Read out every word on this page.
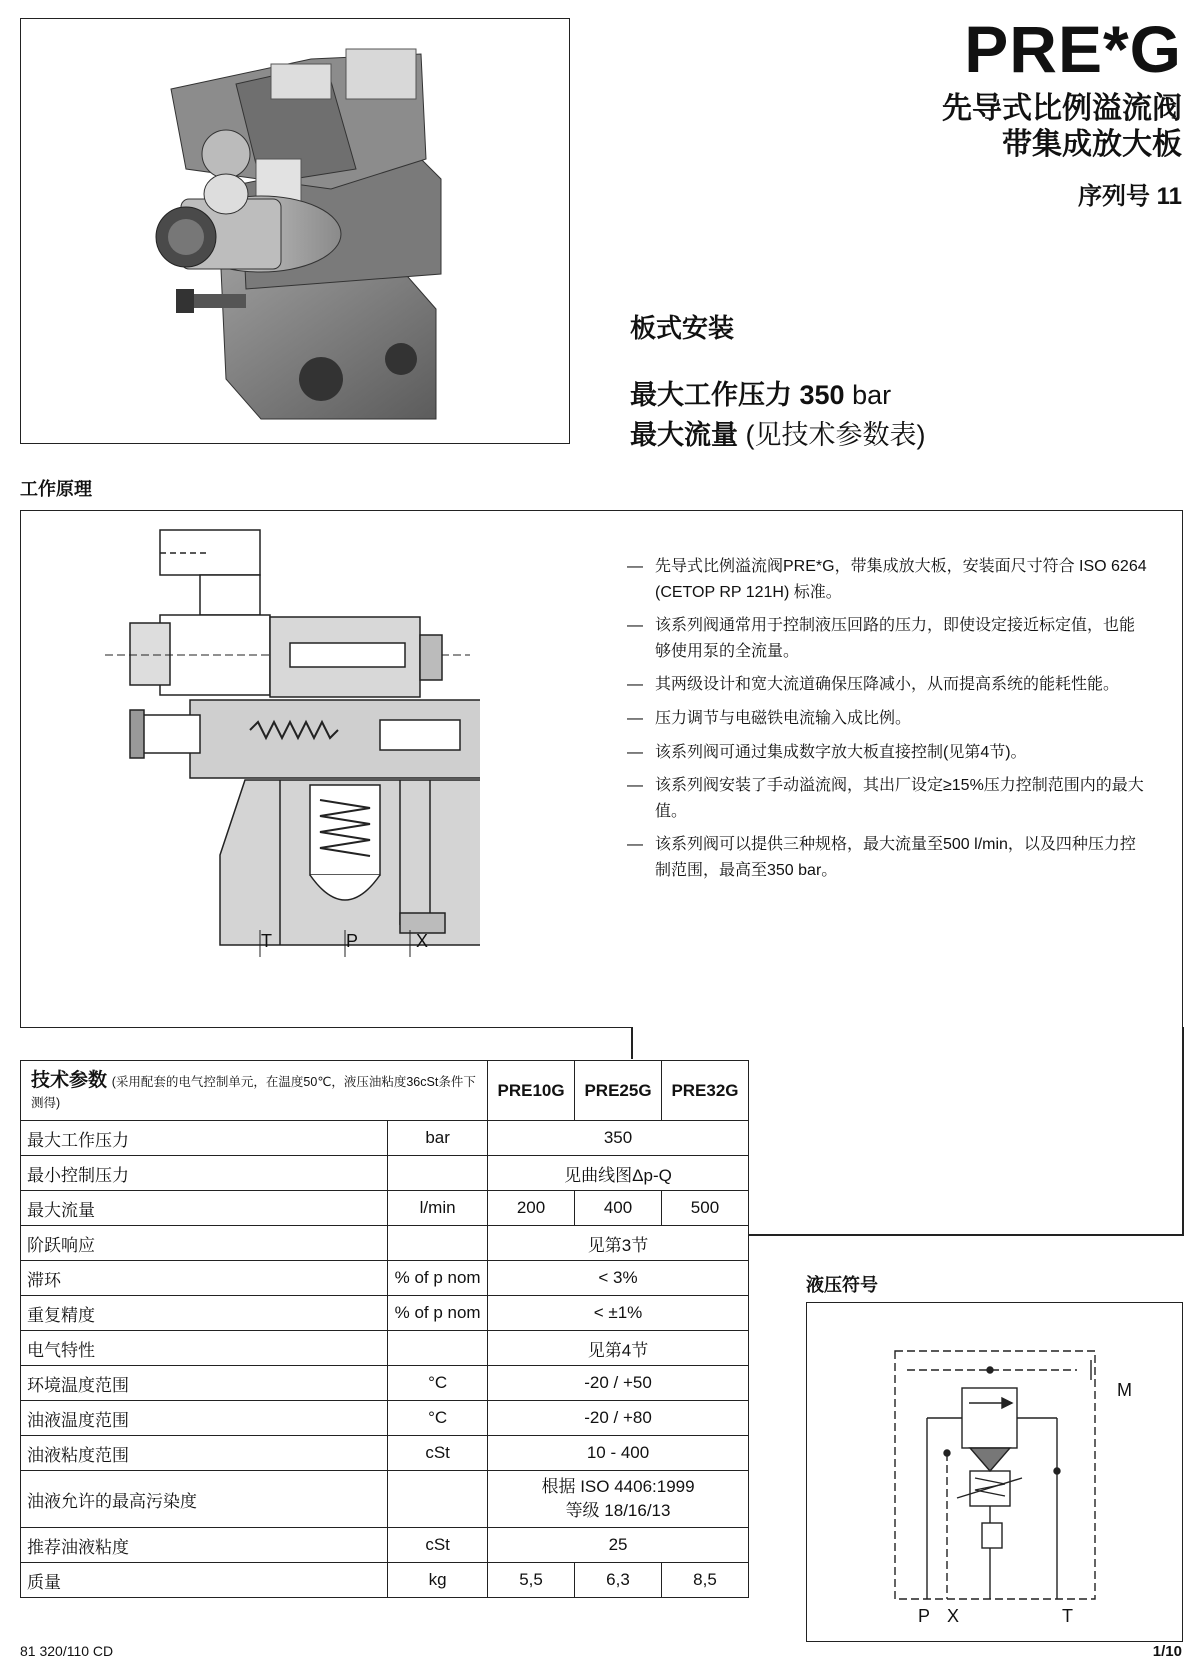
PRE*G
先导式比例溢流阀
带集成放大板
序列号 11
板式安装
最大工作压力 350 bar
最大流量 (见技术参数表)
工作原理
T	P	X
— 先导式比例溢流阀PRE*G，带集成放大板，安装面尺寸符合 ISO 6264 (CETOP RP 121H) 标准。
— 该系列阀通常用于控制液压回路的压力，即使设定接近标定值，也能够使用泵的全流量。
— 其两级设计和宽大流道确保压降减小，从而提高系统的能耗性能。
— 压力调节与电磁铁电流输入成比例。
— 该系列阀可通过集成数字放大板直接控制(见第4节)。
— 该系列阀安装了手动溢流阀，其出厂设定≥15%压力控制范围内的最大值。
— 该系列阀可以提供三种规格，最大流量至500 l/min，以及四种压力控制范围，最高至350 bar。
技术参数 (采用配套的电气控制单元，在温度50℃，液压油粘度36cSt条件下测得)		PRE10G	PRE25G	PRE32G
最大工作压力	bar	350		
最小控制压力		见曲线图Δp-Q		
最大流量	l/min	200	400	500
阶跃响应		见第3节		
滞环	% of p nom	< 3%		
重复精度	% of p nom	< ±1%		
电气特性		见第4节		
环境温度范围	°C	-20 / +50		
油液温度范围	°C	-20 / +80		
油液粘度范围	cSt	10 - 400		
油液允许的最高污染度		根据 ISO 4406:1999
等级 18/16/13		

推荐油液粘度	cSt	25		
质量	kg	5,5	6,3	8,5
液压符号
M
P X	T
81 320/110 CD	1/10
